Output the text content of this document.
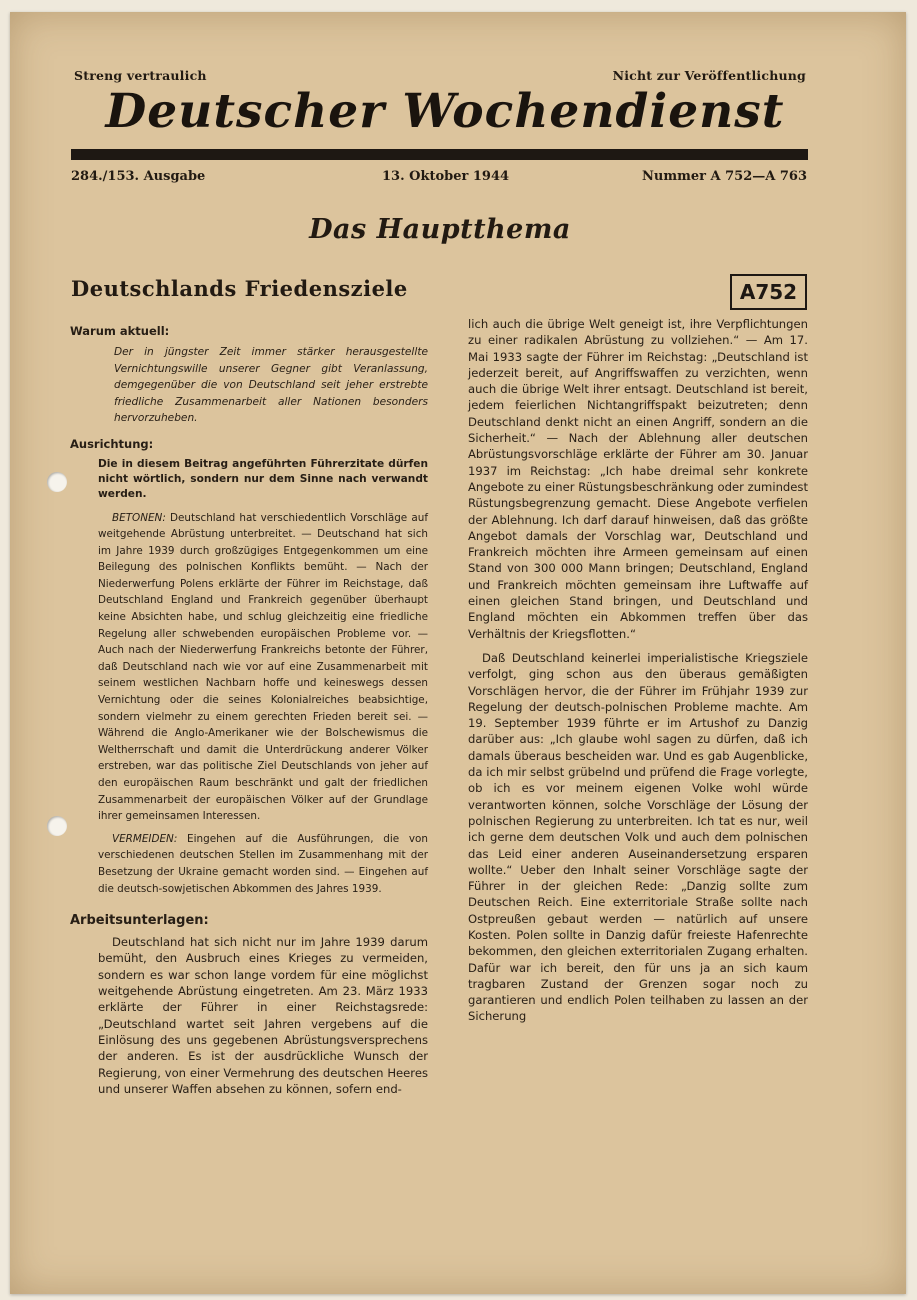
Streng vertraulich	Nicht zur Veröffentlichung
Deutscher Wochendienst
284./153. Ausgabe	13. Oktober 1944	Nummer A 752—A 763
Das Hauptthema
Deutschlands Friedensziele	A752
Warum aktuell:

Der in jüngster Zeit immer stärker herausgestellte Vernichtungswille unserer Gegner gibt Veranlassung, demgegenüber die von Deutschland seit jeher erstrebte friedliche Zusammenarbeit aller Nationen besonders hervorzuheben.

Ausrichtung:

Die in diesem Beitrag angeführten Führerzitate dürfen nicht wörtlich, sondern nur dem Sinne nach verwandt werden.

BETONEN: Deutschland hat verschiedentlich Vorschläge auf weitgehende Abrüstung unterbreitet. — Deutschand hat sich im Jahre 1939 durch großzügiges Entgegenkommen um eine Beilegung des polnischen Konflikts bemüht. — Nach der Niederwerfung Polens erklärte der Führer im Reichstage, daß Deutschland England und Frankreich gegenüber überhaupt keine Absichten habe, und schlug gleichzeitig eine friedliche Regelung aller schwebenden europäischen Probleme vor. — Auch nach der Niederwerfung Frankreichs betonte der Führer, daß Deutschland nach wie vor auf eine Zusammenarbeit mit seinem westlichen Nachbarn hoffe und keineswegs dessen Vernichtung oder die seines Kolonialreiches beabsichtige, sondern vielmehr zu einem gerechten Frieden bereit sei. — Während die Anglo-Amerikaner wie der Bolschewismus die Weltherrschaft und damit die Unterdrückung anderer Völker erstreben, war das politische Ziel Deutschlands von jeher auf den europäischen Raum beschränkt und galt der friedlichen Zusammenarbeit der europäischen Völker auf der Grundlage ihrer gemeinsamen Interessen.

VERMEIDEN: Eingehen auf die Ausführungen, die von verschiedenen deutschen Stellen im Zusammenhang mit der Besetzung der Ukraine gemacht worden sind. — Eingehen auf die deutsch-sowjetischen Abkommen des Jahres 1939.

Arbeitsunterlagen:

Deutschland hat sich nicht nur im Jahre 1939 darum bemüht, den Ausbruch eines Krieges zu vermeiden, sondern es war schon lange vordem für eine möglichst weitgehende Abrüstung eingetreten. Am 23. März 1933 erklärte der Führer in einer Reichstagsrede: „Deutschland wartet seit Jahren vergebens auf die Einlösung des uns gegebenen Abrüstungsversprechens der anderen. Es ist der ausdrückliche Wunsch der Regierung, von einer Vermehrung des deutschen Heeres und unserer Waffen absehen zu können, sofern end-

lich auch die übrige Welt geneigt ist, ihre Verpflichtungen zu einer radikalen Abrüstung zu vollziehen.“ — Am 17. Mai 1933 sagte der Führer im Reichstag: „Deutschland ist jederzeit bereit, auf Angriffswaffen zu verzichten, wenn auch die übrige Welt ihrer entsagt. Deutschland ist bereit, jedem feierlichen Nichtangriffspakt beizutreten; denn Deutschland denkt nicht an einen Angriff, sondern an die Sicherheit.“ — Nach der Ablehnung aller deutschen Abrüstungsvorschläge erklärte der Führer am 30. Januar 1937 im Reichstag: „Ich habe dreimal sehr konkrete Angebote zu einer Rüstungsbeschränkung oder zumindest Rüstungsbegrenzung gemacht. Diese Angebote verfielen der Ablehnung. Ich darf darauf hinweisen, daß das größte Angebot damals der Vorschlag war, Deutschland und Frankreich möchten ihre Armeen gemeinsam auf einen Stand von 300 000 Mann bringen; Deutschland, England und Frankreich möchten gemeinsam ihre Luftwaffe auf einen gleichen Stand bringen, und Deutschland und England möchten ein Abkommen treffen über das Verhältnis der Kriegsflotten.“

Daß Deutschland keinerlei imperialistische Kriegsziele verfolgt, ging schon aus den überaus gemäßigten Vorschlägen hervor, die der Führer im Frühjahr 1939 zur Regelung der deutsch-polnischen Probleme machte. Am 19. September 1939 führte er im Artushof zu Danzig darüber aus: „Ich glaube wohl sagen zu dürfen, daß ich damals überaus bescheiden war. Und es gab Augenblicke, da ich mir selbst grübelnd und prüfend die Frage vorlegte, ob ich es vor meinem eigenen Volke wohl würde verantworten können, solche Vorschläge der Lösung der polnischen Regierung zu unterbreiten. Ich tat es nur, weil ich gerne dem deutschen Volk und auch dem polnischen das Leid einer anderen Auseinandersetzung ersparen wollte.“ Ueber den Inhalt seiner Vorschläge sagte der Führer in der gleichen Rede: „Danzig sollte zum Deutschen Reich. Eine exterritoriale Straße sollte nach Ostpreußen gebaut werden — natürlich auf unsere Kosten. Polen sollte in Danzig dafür freieste Hafenrechte bekommen, den gleichen exterritorialen Zugang erhalten. Dafür war ich bereit, den für uns ja an sich kaum tragbaren Zustand der Grenzen sogar noch zu garantieren und endlich Polen teilhaben zu lassen an der Sicherung
